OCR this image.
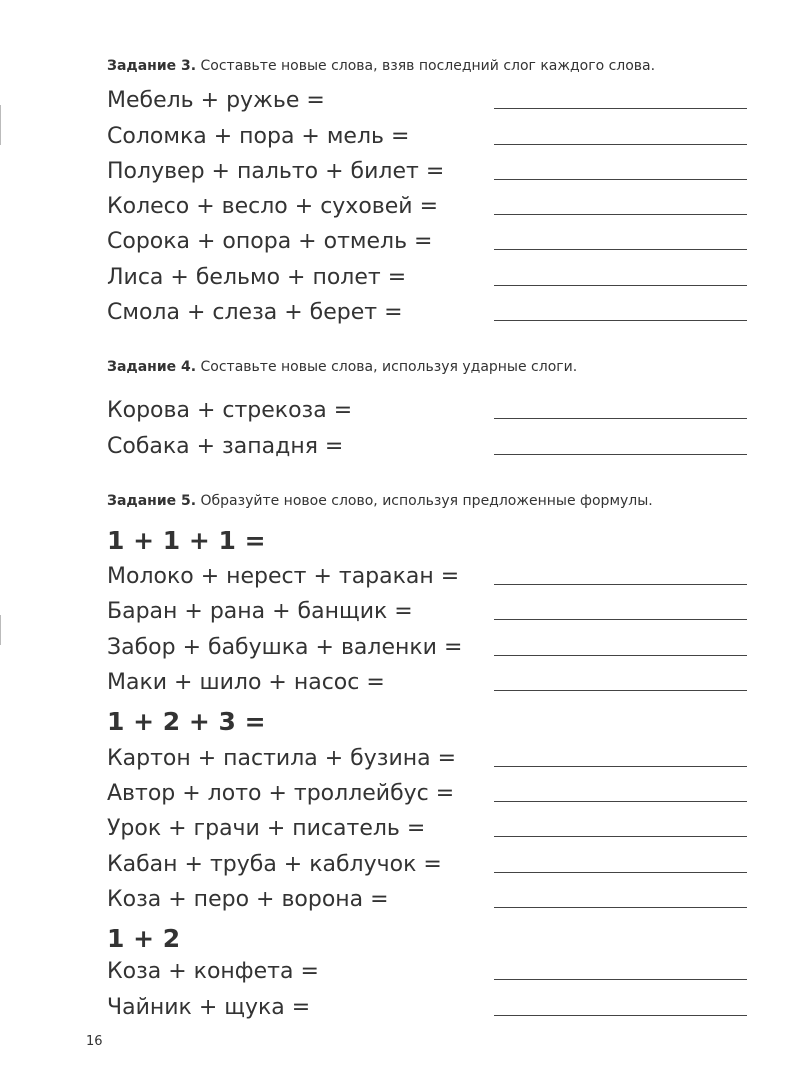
Задание 3. Составьте новые слова, взяв последний слог каждого слова.
Мебель + ружье =
Соломка + пора + мель =
Полувер + пальто + билет =
Колесо + весло + суховей =
Сорока + опора + отмель =
Лиса + бельмо + полет =
Смола + слеза + берет =
Задание 4. Составьте новые слова, используя ударные слоги.
Корова + стрекоза =
Собака + западня =
Задание 5. Образуйте новое слово, используя предложенные формулы.
1 + 1 + 1 =
Молоко + нерест + таракан =
Баран + рана + банщик =
Забор + бабушка + валенки =
Маки + шило + насос =
1 + 2 + 3 =
Картон + пастила + бузина =
Автор + лото + троллейбус =
Урок + грачи + писатель =
Кабан + труба + каблучок =
Коза + перо + ворона =
1 + 2
Коза + конфета =
Чайник + щука =
16
